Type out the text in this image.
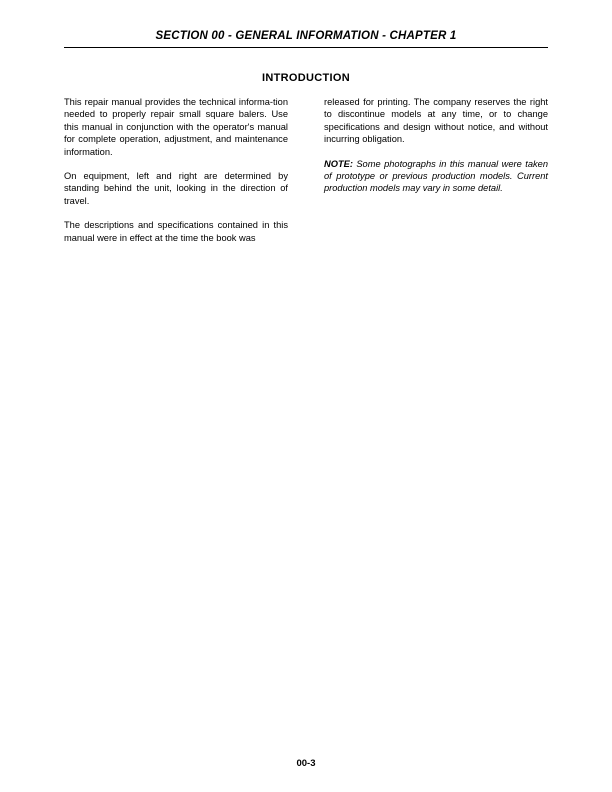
SECTION 00 - GENERAL INFORMATION - CHAPTER 1
INTRODUCTION

This repair manual provides the technical informa-tion needed to properly repair small square balers. Use this manual in conjunction with the operator's manual for complete operation, adjustment, and maintenance information.

On equipment, left and right are determined by standing behind the unit, looking in the direction of travel.

The descriptions and specifications contained in this manual were in effect at the time the book was

released for printing. The company reserves the right to discontinue models at any time, or to change specifications and design without notice, and without incurring obligation.

NOTE: Some photographs in this manual were taken of prototype or previous production models. Current production models may vary in some detail.

00-3
